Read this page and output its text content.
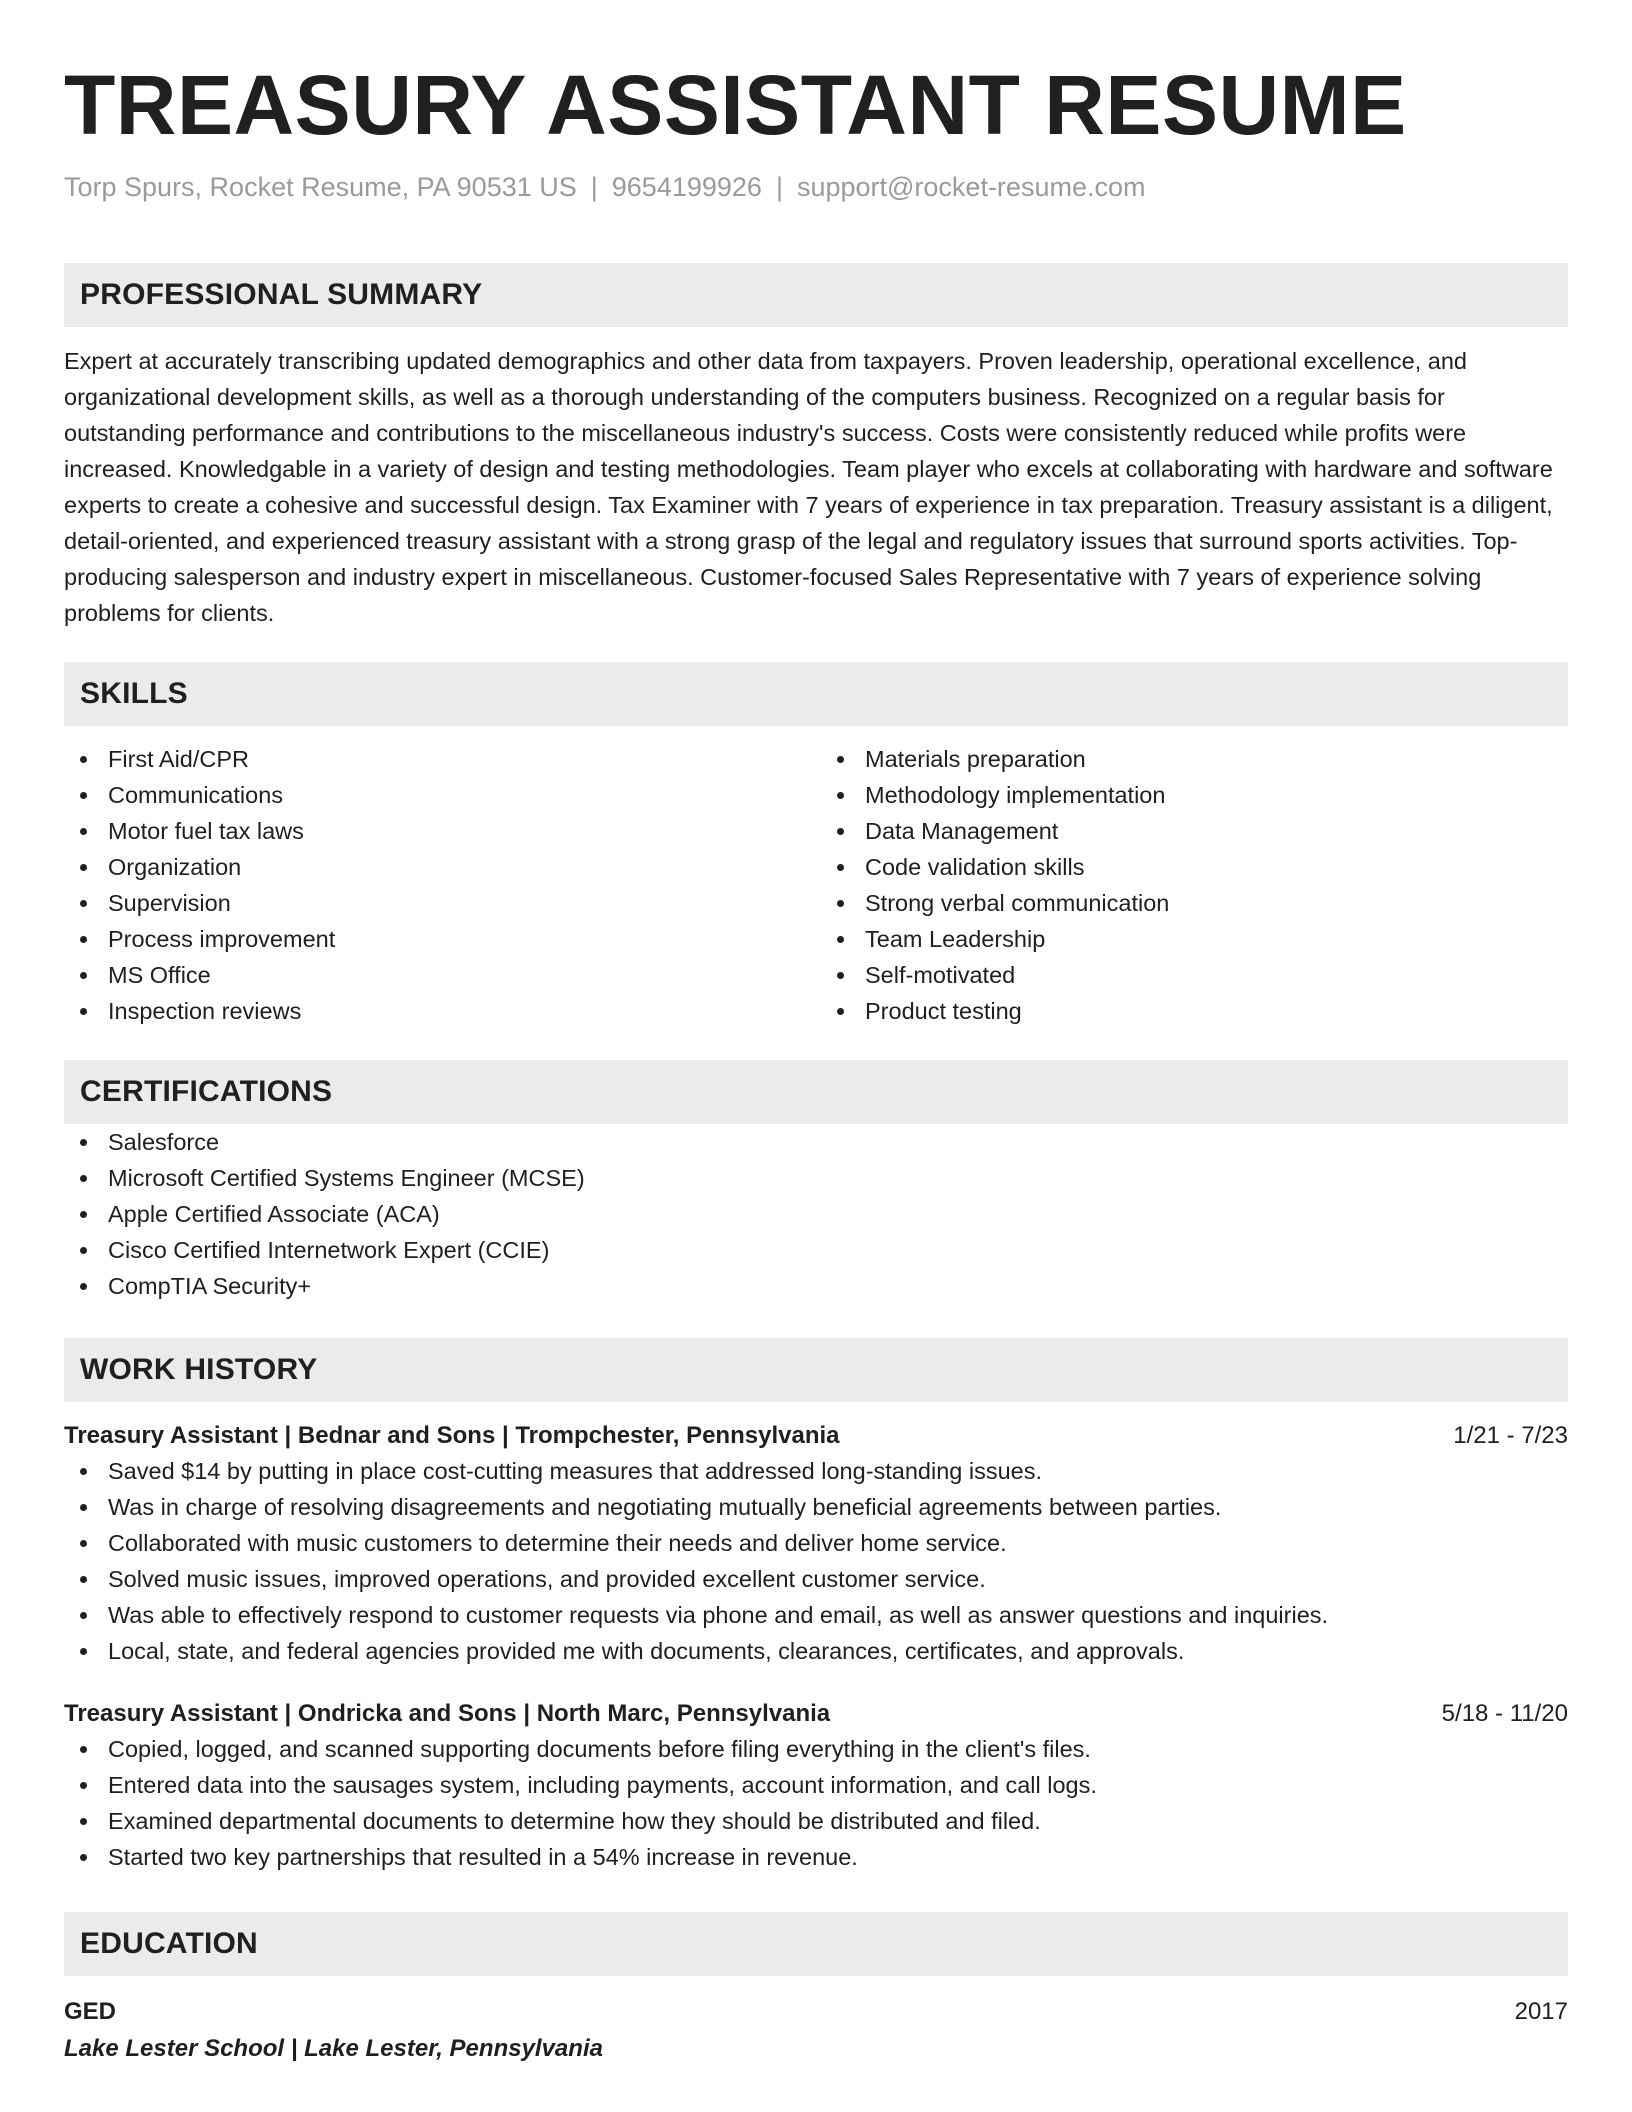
TREASURY ASSISTANT RESUME
Torp Spurs, Rocket Resume, PA 90531 US | 9654199926 | support@rocket-resume.com
PROFESSIONAL SUMMARY

Expert at accurately transcribing updated demographics and other data from taxpayers. Proven leadership, operational excellence, and organizational development skills, as well as a thorough understanding of the computers business. Recognized on a regular basis for outstanding performance and contributions to the miscellaneous industry's success. Costs were consistently reduced while profits were increased. Knowledgable in a variety of design and testing methodologies. Team player who excels at collaborating with hardware and software experts to create a cohesive and successful design. Tax Examiner with 7 years of experience in tax preparation. Treasury assistant is a diligent, detail-oriented, and experienced treasury assistant with a strong grasp of the legal and regulatory issues that surround sports activities. Top-producing salesperson and industry expert in miscellaneous. Customer-focused Sales Representative with 7 years of experience solving problems for clients.

SKILLS
First Aid/CPR
Communications
Motor fuel tax laws
Organization
Supervision
Process improvement
MS Office
Inspection reviews
Materials preparation
Methodology implementation
Data Management
Code validation skills
Strong verbal communication
Team Leadership
Self-motivated
Product testing
CERTIFICATIONS
Salesforce
Microsoft Certified Systems Engineer (MCSE)
Apple Certified Associate (ACA)
Cisco Certified Internetwork Expert (CCIE)
CompTIA Security+
WORK HISTORY
Treasury Assistant | Bednar and Sons | Trompchester, Pennsylvania	1/21 - 7/23
Saved $14 by putting in place cost-cutting measures that addressed long-standing issues.
Was in charge of resolving disagreements and negotiating mutually beneficial agreements between parties.
Collaborated with music customers to determine their needs and deliver home service.
Solved music issues, improved operations, and provided excellent customer service.
Was able to effectively respond to customer requests via phone and email, as well as answer questions and inquiries.
Local, state, and federal agencies provided me with documents, clearances, certificates, and approvals.
Treasury Assistant | Ondricka and Sons | North Marc, Pennsylvania	5/18 - 11/20
Copied, logged, and scanned supporting documents before filing everything in the client's files.
Entered data into the sausages system, including payments, account information, and call logs.
Examined departmental documents to determine how they should be distributed and filed.
Started two key partnerships that resulted in a 54% increase in revenue.
EDUCATION
GED	2017
Lake Lester School | Lake Lester, Pennsylvania
